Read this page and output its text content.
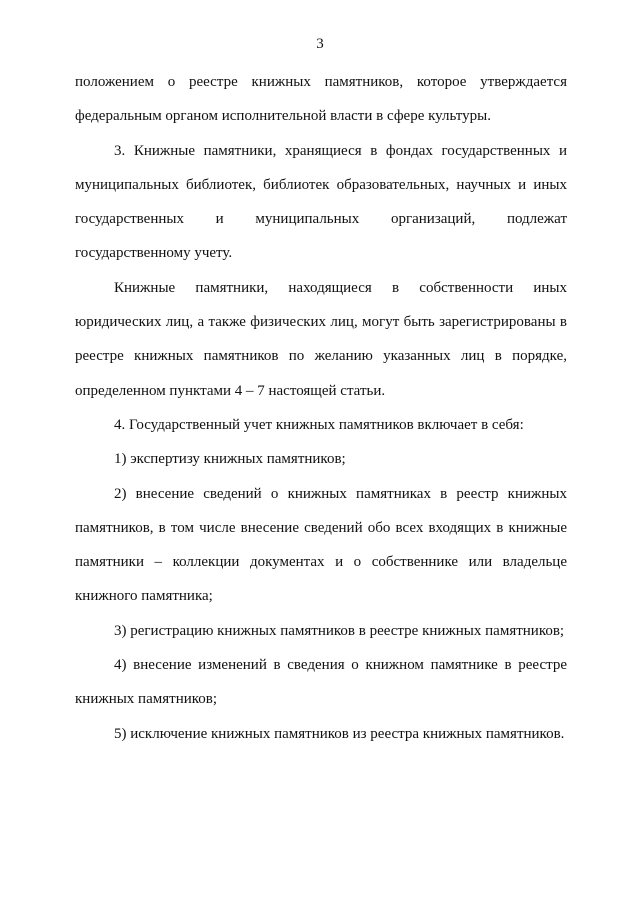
3

положением о реестре книжных памятников, которое утверждается федеральным органом исполнительной власти в сфере культуры.

3. Книжные памятники, хранящиеся в фондах государственных и муниципальных библиотек, библиотек образовательных, научных и иных государственных и муниципальных организаций, подлежат государственному учету.

Книжные памятники, находящиеся в собственности иных юридических лиц, а также физических лиц, могут быть зарегистрированы в реестре книжных памятников по желанию указанных лиц в порядке, определенном пунктами 4 – 7 настоящей статьи.

4. Государственный учет книжных памятников включает в себя:

1) экспертизу книжных памятников;

2) внесение сведений о книжных памятниках в реестр книжных памятников, в том числе внесение сведений обо всех входящих в книжные памятники – коллекции документах и о собственнике или владельце книжного памятника;

3) регистрацию книжных памятников в реестре книжных памятников;

4) внесение изменений в сведения о книжном памятнике в реестре книжных памятников;

5) исключение книжных памятников из реестра книжных памятников.
